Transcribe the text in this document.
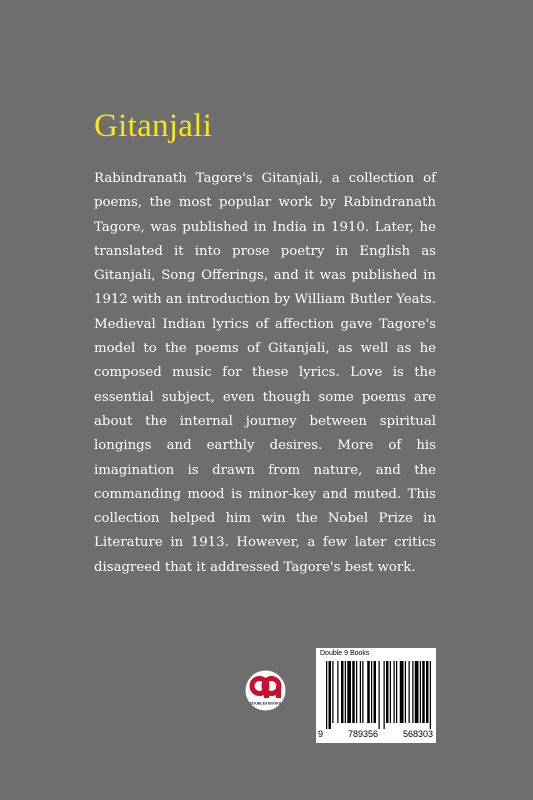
Gitanjali

Rabindranath Tagore's Gitanjali, a collection of poems, the most popular work by Rabindranath Tagore, was published in India in 1910. Later, he translated it into prose poetry in English as Gitanjali, Song Offerings, and it was published in 1912 with an introduction by William Butler Yeats. Medieval Indian lyrics of affection gave Tagore's model to the poems of Gitanjali, as well as he composed music for these lyrics. Love is the essential subject, even though some poems are about the internal journey between spiritual longings and earthly desires. More of his imagination is drawn from nature, and the commanding mood is minor-key and muted. This collection helped him win the Nobel Prize in Literature in 1913. However, a few later critics disagreed that it addressed Tagore's best work.

DOUBLE9 BOOKS
Double 9 Books
9	789356	568303
